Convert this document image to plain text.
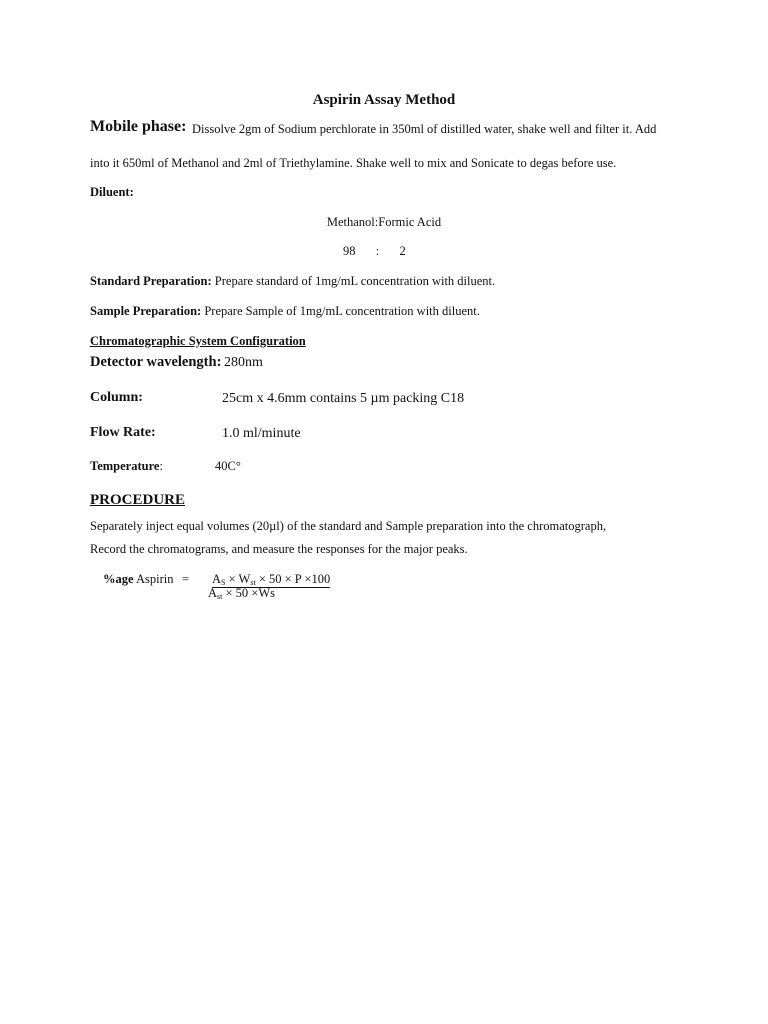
Aspirin Assay Method
Mobile phase: Dissolve 2gm of Sodium perchlorate in 350ml of distilled water, shake well and filter it. Add
into it 650ml of Methanol and 2ml of Triethylamine. Shake well to mix and Sonicate to degas before use.
Diluent:
Methanol:Formic Acid
98 : 2
Standard Preparation: Prepare standard of 1mg/mL concentration with diluent.
Sample Preparation: Prepare Sample of 1mg/mL concentration with diluent.
Chromatographic System Configuration
Detector wavelength: 280nm
Column:	25cm x 4.6mm contains 5 µm packing C18
Flow Rate:	1.0 ml/minute
Temperature:	40C°
PROCEDURE
Separately inject equal volumes (20µl) of the standard and Sample preparation into the chromatograph,
Record the chromatograms, and measure the responses for the major peaks.
%age Aspirin = $A_S \times W_{st} \times 50 \times P \times 100$
$A_{st} \times 50 \times Ws$
